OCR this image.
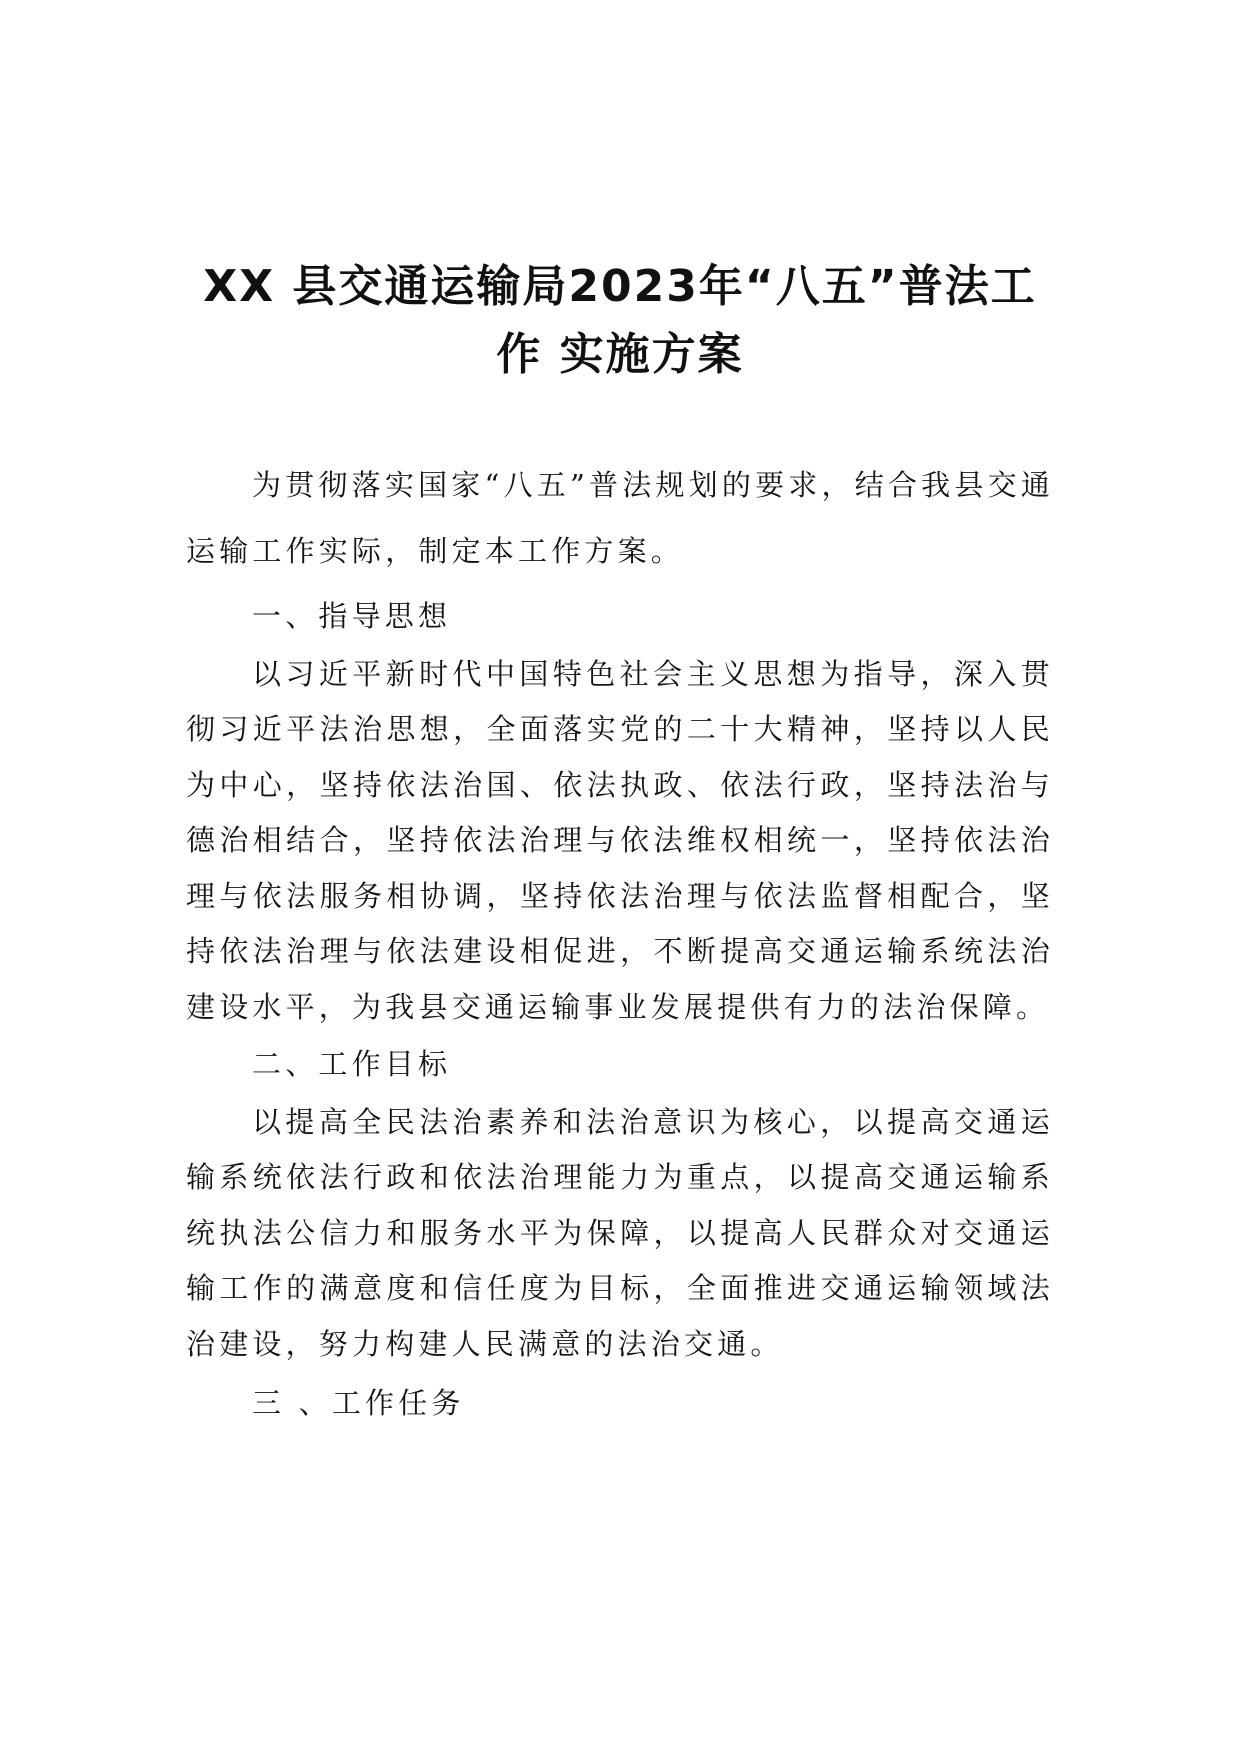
XX 县交通运输局2023年“八五”普法工
作 实施方案

为贯彻落实国家“八五”普法规划的要求，结合我县交通运输工作实际，制定本工作方案。

一、指导思想

以习近平新时代中国特色社会主义思想为指导，深入贯彻习近平法治思想，全面落实党的二十大精神，坚持以人民为中心，坚持依法治国、依法执政、依法行政，坚持法治与德治相结合，坚持依法治理与依法维权相统一，坚持依法治理与依法服务相协调，坚持依法治理与依法监督相配合，坚持依法治理与依法建设相促进，不断提高交通运输系统法治建设水平，为我县交通运输事业发展提供有力的法治保障。

二、工作目标

以提高全民法治素养和法治意识为核心，以提高交通运输系统依法行政和依法治理能力为重点，以提高交通运输系统执法公信力和服务水平为保障，以提高人民群众对交通运输工作的满意度和信任度为目标，全面推进交通运输领域法治建设，努力构建人民满意的法治交通。

三 、工作任务
